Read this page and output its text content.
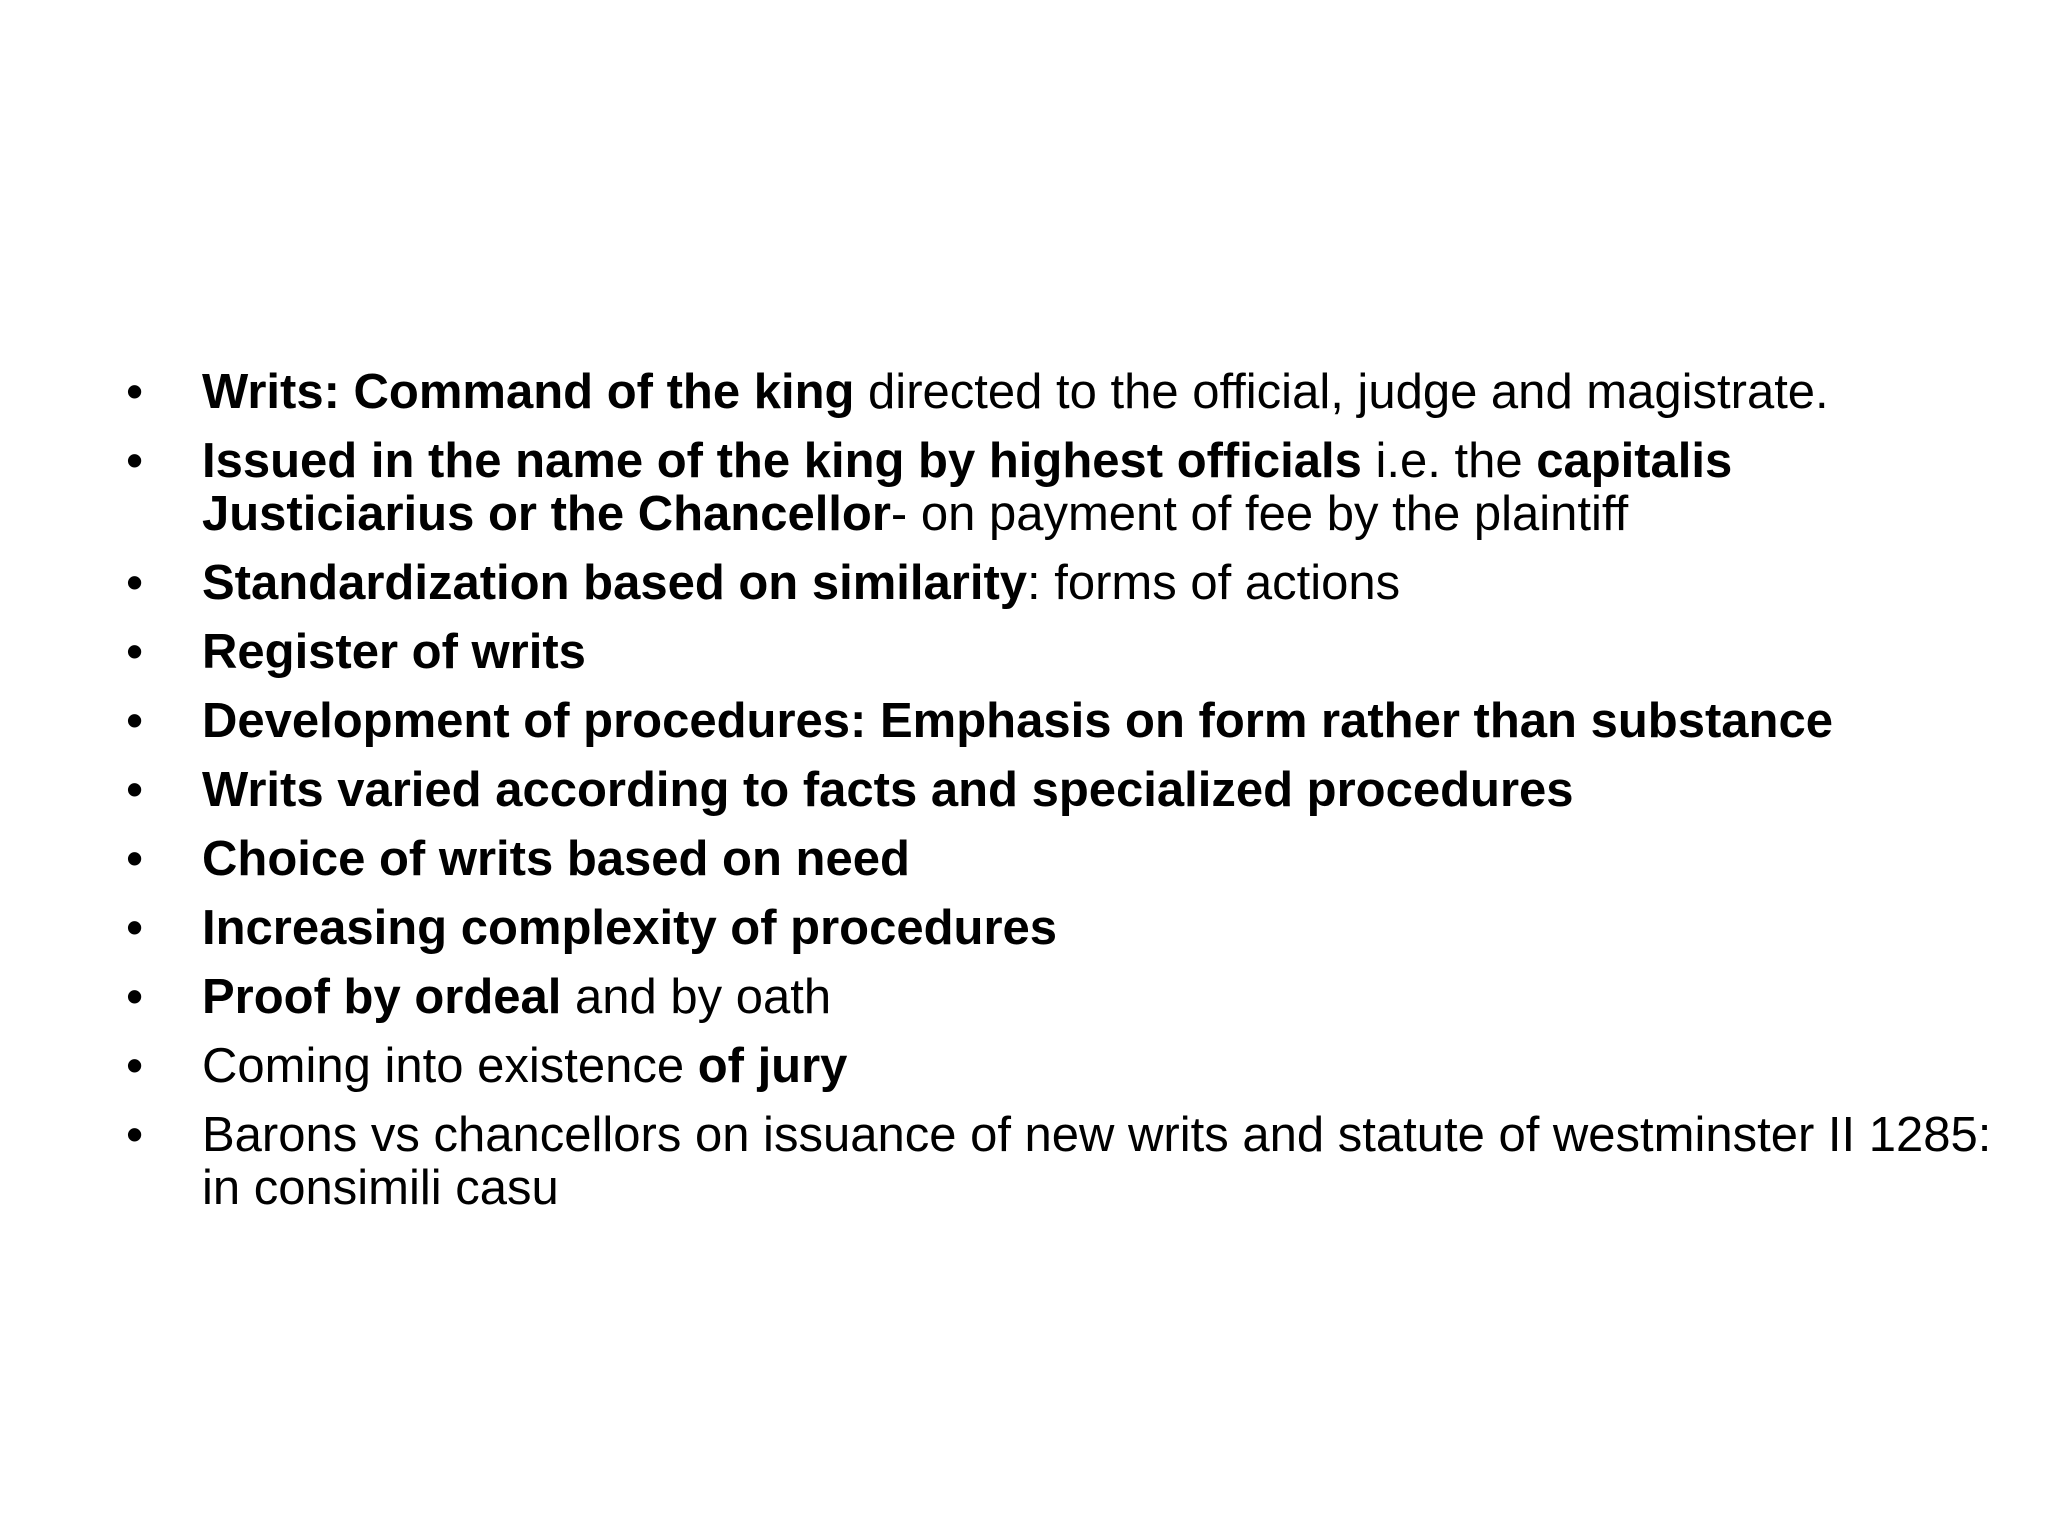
•	Writs: Command of the king directed to the official, judge and magistrate.
•	Issued in the name of the king by highest officials i.e. the capitalis Justiciarius or the Chancellor- on payment of fee by the plaintiff
•	Standardization based on similarity: forms of actions
•	Register of writs
•	Development of procedures: Emphasis on form rather than substance
•	Writs varied according to facts and specialized procedures
•	Choice of writs based on need
•	Increasing complexity of procedures
•	Proof by ordeal and by oath
•	Coming into existence of jury
•	Barons vs chancellors on issuance of new writs and statute of westminster II 1285: in consimili casu
